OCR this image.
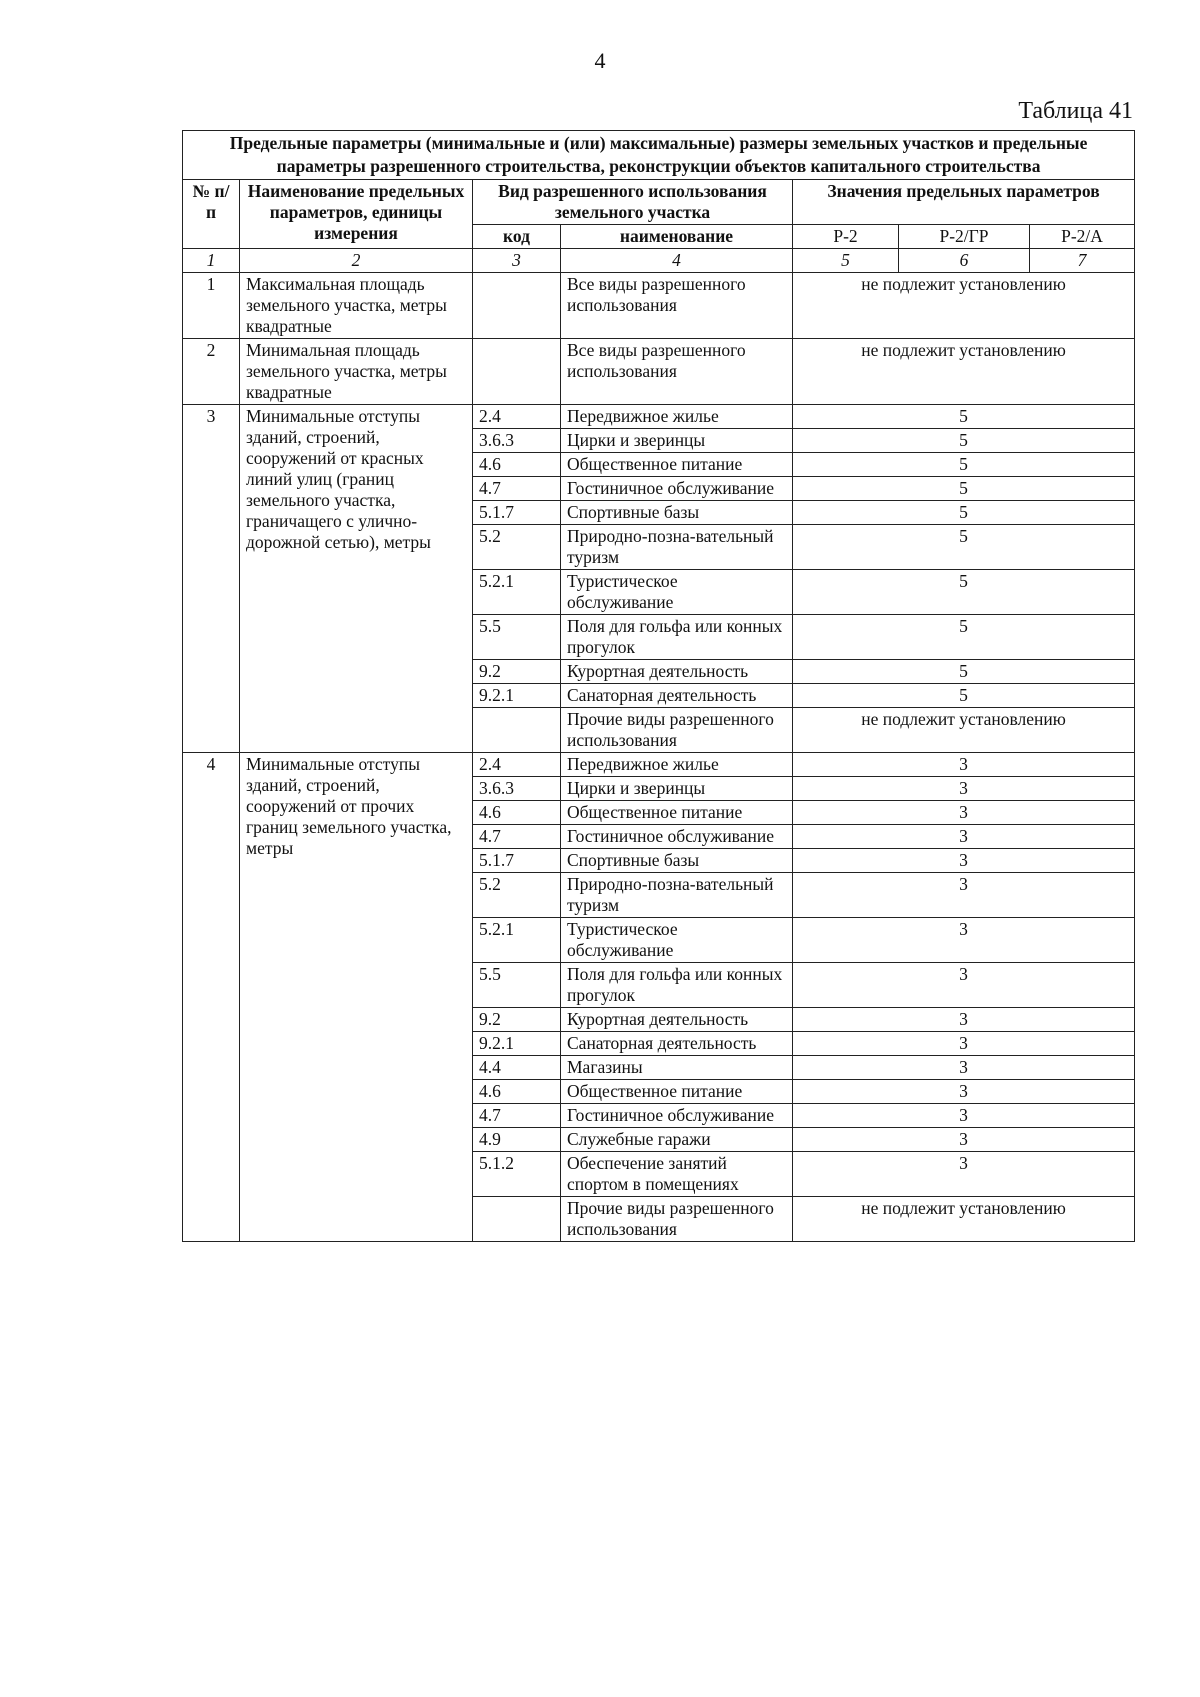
4
Таблица 41
Предельные параметры (минимальные и (или) максимальные) размеры земельных участков и предельные параметры разрешенного строительства, реконструкции объектов капитального строительства						
№ п/п	Наименование предельных параметров, единицы измерения	Вид разрешенного использования земельного участка		Значения предельных параметров		
		код	наименование	Р-2	Р-2/ГР	Р-2/А
1	2	3	4	5	6	7
1	Максимальная площадь земельного участка, метры квадратные		Все виды разрешенного использования	не подлежит установлению		
2	Минимальная площадь земельного участка, метры квадратные		Все виды разрешенного использования	не подлежит установлению		
3	Минимальные отступы зданий, строений, сооружений от красных линий улиц (границ земельного участка, граничащего с улично-дорожной сетью), метры	2.4	Передвижное жилье	5		
		3.6.3	Цирки и зверинцы	5		
		4.6	Общественное питание	5		
		4.7	Гостиничное обслуживание	5		
		5.1.7	Спортивные базы	5		
		5.2	Природно-позна-вательный туризм	5		
		5.2.1	Туристическое обслуживание	5		
		5.5	Поля для гольфа или конных прогулок	5		
		9.2	Курортная деятельность	5		
		9.2.1	Санаторная деятельность	5		
			Прочие виды разрешенного использования	не подлежит установлению		
4	Минимальные отступы зданий, строений, сооружений от прочих границ земельного участка, метры	2.4	Передвижное жилье	3		
		3.6.3	Цирки и зверинцы	3		
		4.6	Общественное питание	3		
		4.7	Гостиничное обслуживание	3		
		5.1.7	Спортивные базы	3		
		5.2	Природно-позна-вательный туризм	3		
		5.2.1	Туристическое обслуживание	3		
		5.5	Поля для гольфа или конных прогулок	3		
		9.2	Курортная деятельность	3		
		9.2.1	Санаторная деятельность	3		
		4.4	Магазины	3		
		4.6	Общественное питание	3		
		4.7	Гостиничное обслуживание	3		
		4.9	Служебные гаражи	3		
		5.1.2	Обеспечение занятий спортом в помещениях	3		
			Прочие виды разрешенного использования	не подлежит установлению		
